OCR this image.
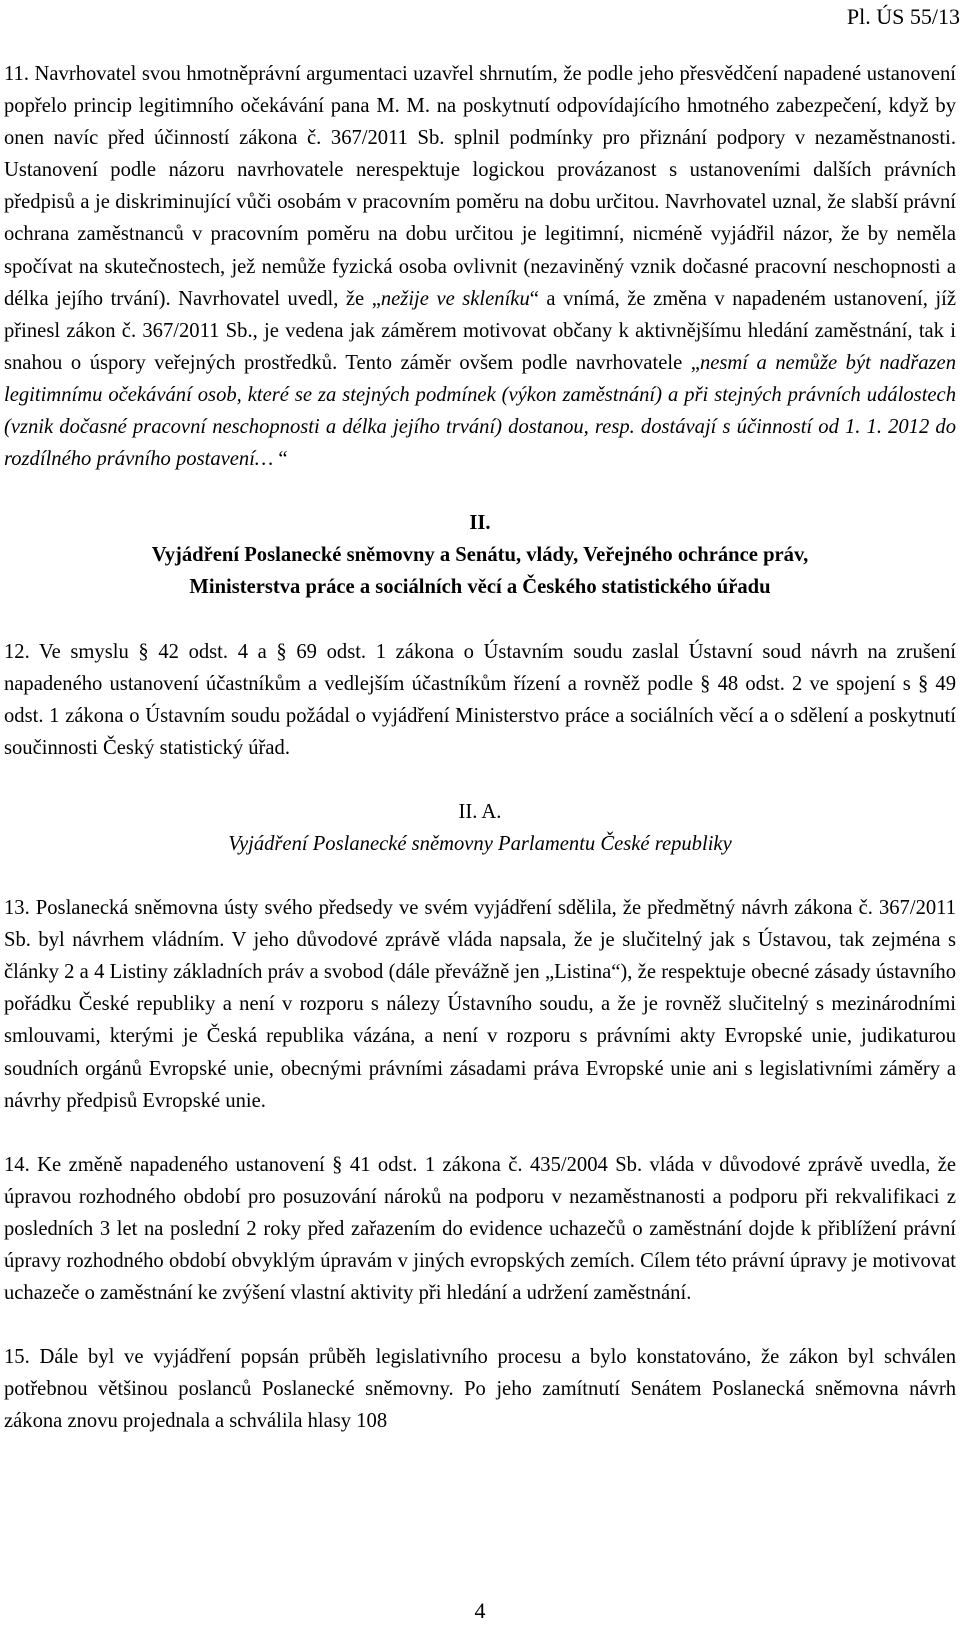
Pl. ÚS 55/13

11. Navrhovatel svou hmotněprávní argumentaci uzavřel shrnutím, že podle jeho přesvědčení napadené ustanovení popřelo princip legitimního očekávání pana M. M. na poskytnutí odpovídajícího hmotného zabezpečení, když by onen navíc před účinností zákona č. 367/2011 Sb. splnil podmínky pro přiznání podpory v nezaměstnanosti. Ustanovení podle názoru navrhovatele nerespektuje logickou provázanost s ustanoveními dalších právních předpisů a je diskriminující vůči osobám v pracovním poměru na dobu určitou. Navrhovatel uznal, že slabší právní ochrana zaměstnanců v pracovním poměru na dobu určitou je legitimní, nicméně vyjádřil názor, že by neměla spočívat na skutečnostech, jež nemůže fyzická osoba ovlivnit (nezaviněný vznik dočasné pracovní neschopnosti a délka jejího trvání). Navrhovatel uvedl, že „nežije ve skleníku“ a vnímá, že změna v napadeném ustanovení, jíž přinesl zákon č. 367/2011 Sb., je vedena jak záměrem motivovat občany k aktivnějšímu hledání zaměstnání, tak i snahou o úspory veřejných prostředků. Tento záměr ovšem podle navrhovatele „nesmí a nemůže být nadřazen legitimnímu očekávání osob, které se za stejných podmínek (výkon zaměstnání) a při stejných právních událostech (vznik dočasné pracovní neschopnosti a délka jejího trvání) dostanou, resp. dostávají s účinností od 1. 1. 2012 do rozdílného právního postavení… “

II.

Vyjádření Poslanecké sněmovny a Senátu, vlády, Veřejného ochránce práv,

Ministerstva práce a sociálních věcí a Českého statistického úřadu

12. Ve smyslu § 42 odst. 4 a § 69 odst. 1 zákona o Ústavním soudu zaslal Ústavní soud návrh na zrušení napadeného ustanovení účastníkům a vedlejším účastníkům řízení a rovněž podle § 48 odst. 2 ve spojení s § 49 odst. 1 zákona o Ústavním soudu požádal o vyjádření Ministerstvo práce a sociálních věcí a o sdělení a poskytnutí součinnosti Český statistický úřad.

II. A.

Vyjádření Poslanecké sněmovny Parlamentu České republiky

13. Poslanecká sněmovna ústy svého předsedy ve svém vyjádření sdělila, že předmětný návrh zákona č. 367/2011 Sb. byl návrhem vládním. V jeho důvodové zprávě vláda napsala, že je slučitelný jak s Ústavou, tak zejména s články 2 a 4 Listiny základních práv a svobod (dále převážně jen „Listina“), že respektuje obecné zásady ústavního pořádku České republiky a není v rozporu s nálezy Ústavního soudu, a že je rovněž slučitelný s mezinárodními smlouvami, kterými je Česká republika vázána, a není v rozporu s právními akty Evropské unie, judikaturou soudních orgánů Evropské unie, obecnými právními zásadami práva Evropské unie ani s legislativními záměry a návrhy předpisů Evropské unie.

14. Ke změně napadeného ustanovení § 41 odst. 1 zákona č. 435/2004 Sb. vláda v důvodové zprávě uvedla, že úpravou rozhodného období pro posuzování nároků na podporu v nezaměstnanosti a podporu při rekvalifikaci z posledních 3 let na poslední 2 roky před zařazením do evidence uchazečů o zaměstnání dojde k přiblížení právní úpravy rozhodného období obvyklým úpravám v jiných evropských zemích. Cílem této právní úpravy je motivovat uchazeče o zaměstnání ke zvýšení vlastní aktivity při hledání a udržení zaměstnání.

15. Dále byl ve vyjádření popsán průběh legislativního procesu a bylo konstatováno, že zákon byl schválen potřebnou většinou poslanců Poslanecké sněmovny. Po jeho zamítnutí Senátem Poslanecká sněmovna návrh zákona znovu projednala a schválila hlasy 108

4
